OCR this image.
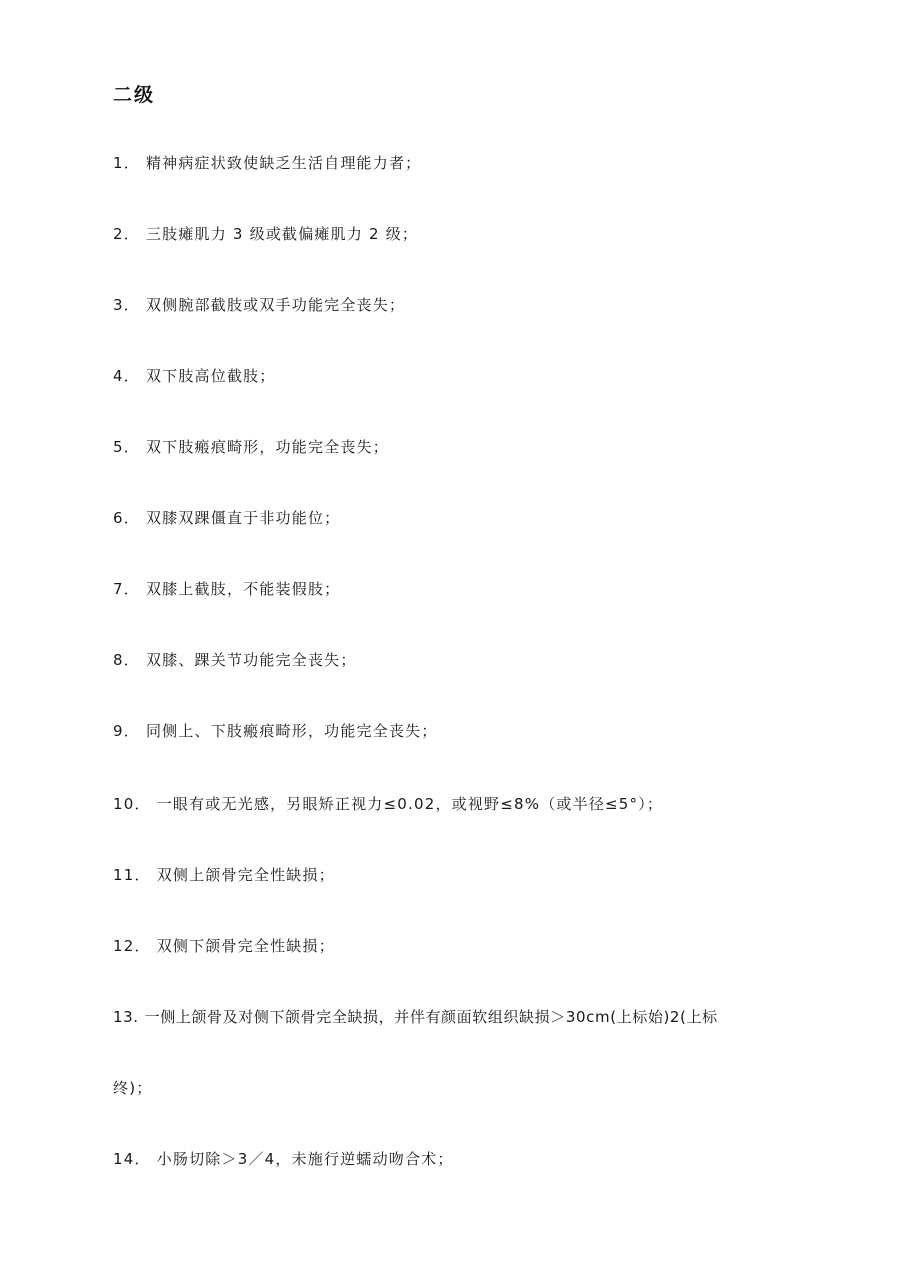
二级
1． 精神病症状致使缺乏生活自理能力者；
2． 三肢瘫肌力 3 级或截偏瘫肌力 2 级；
3． 双侧腕部截肢或双手功能完全丧失；
4． 双下肢高位截肢；
5． 双下肢瘢痕畸形，功能完全丧失；
6． 双膝双踝僵直于非功能位；
7． 双膝上截肢，不能装假肢；
8． 双膝、踝关节功能完全丧失；
9． 同侧上、下肢瘢痕畸形，功能完全丧失；
10． 一眼有或无光感，另眼矫正视力≤0.02，或视野≤8%（或半径≤5°）；
11． 双侧上颌骨完全性缺损；
12． 双侧下颌骨完全性缺损；
13. 一侧上颌骨及对侧下颌骨完全缺损，并伴有颜面软组织缺损＞30cm(上标始)2(上标
终)；
14． 小肠切除＞3／4，未施行逆蠕动吻合术；
